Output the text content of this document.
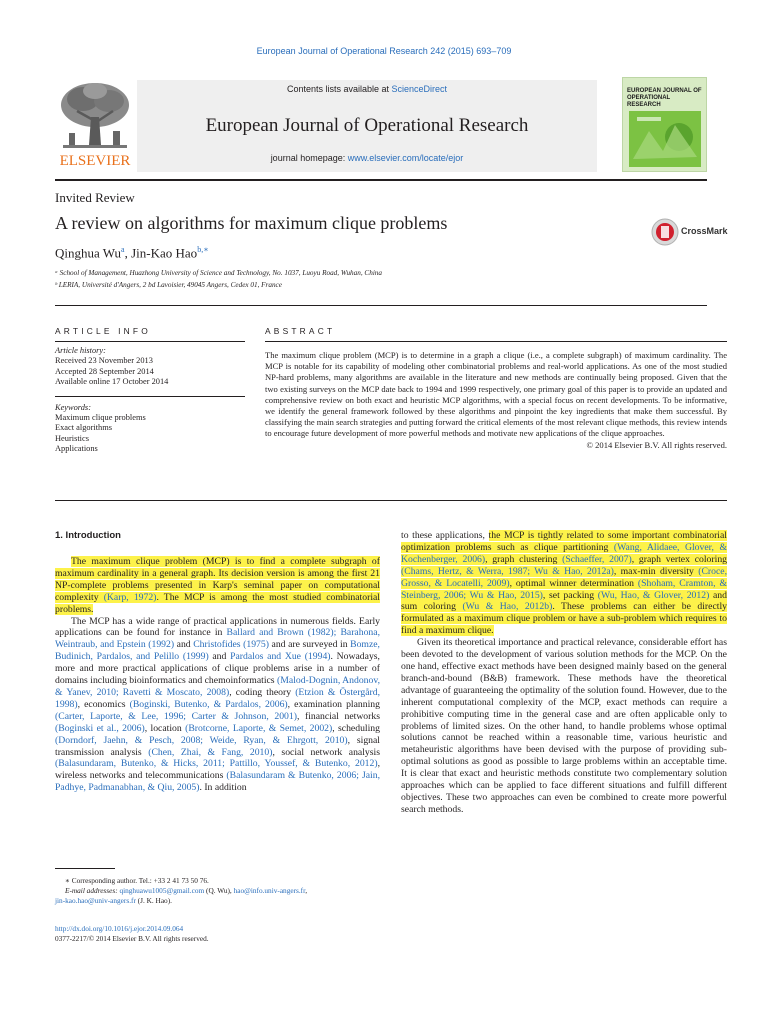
European Journal of Operational Research 242 (2015) 693–709
ELSEVIER
Contents lists available at ScienceDirect
European Journal of Operational Research
journal homepage: www.elsevier.com/locate/ejor
EUROPEAN JOURNAL OF OPERATIONAL RESEARCH
Invited Review
A review on algorithms for maximum clique problems	CrossMark
Qinghua Wu$^a$, Jin-Kao Hao$^{b,∗}$
ᵃ School of Management, Huazhong University of Science and Technology, No. 1037, Luoyu Road, Wuhan, China
ᵇ LERIA, Université d'Angers, 2 bd Lavoisier, 49045 Angers, Cedex 01, France
ARTICLE INFO	ABSTRACT
Article history:
Received 23 November 2013
Accepted 28 September 2014
Available online 17 October 2014
Keywords:
Maximum clique problems
Exact algorithms
Heuristics
Applications
The maximum clique problem (MCP) is to determine in a graph a clique (i.e., a complete subgraph) of maximum cardinality. The MCP is notable for its capability of modeling other combinatorial problems and real-world applications. As one of the most studied NP-hard problems, many algorithms are available in the literature and new methods are continually being proposed. Given that the two existing surveys on the MCP date back to 1994 and 1999 respectively, one primary goal of this paper is to provide an updated and comprehensive review on both exact and heuristic MCP algorithms, with a special focus on recent developments. To be informative, we identify the general framework followed by these algorithms and pinpoint the key ingredients that make them successful. By classifying the main search strategies and putting forward the critical elements of the most relevant clique methods, this review intends to encourage future development of more powerful methods and motivate new applications of the clique approaches.
© 2014 Elsevier B.V. All rights reserved.
1. Introduction

The maximum clique problem (MCP) is to find a complete subgraph of maximum cardinality in a general graph. Its decision version is among the first 21 NP-complete problems presented in Karp's seminal paper on computational complexity (Karp, 1972). The MCP is among the most studied combinatorial problems.

The MCP has a wide range of practical applications in numerous fields. Early applications can be found for instance in Ballard and Brown (1982); Barahona, Weintraub, and Epstein (1992) and Christofides (1975) and are surveyed in Bomze, Budinich, Pardalos, and Pelillo (1999) and Pardalos and Xue (1994). Nowadays, more and more practical applications of clique problems arise in a number of domains including bioinformatics and chemoinformatics (Malod-Dognin, Andonov, & Yanev, 2010; Ravetti & Moscato, 2008), coding theory (Etzion & Östergård, 1998), economics (Boginski, Butenko, & Pardalos, 2006), examination planning (Carter, Laporte, & Lee, 1996; Carter & Johnson, 2001), financial networks (Boginski et al., 2006), location (Brotcorne, Laporte, & Semet, 2002), scheduling (Dorndorf, Jaehn, & Pesch, 2008; Weide, Ryan, & Ehrgott, 2010), signal transmission analysis (Chen, Zhai, & Fang, 2010), social network analysis (Balasundaram, Butenko, & Hicks, 2011; Pattillo, Youssef, & Butenko, 2012), wireless networks and telecommunications (Balasundaram & Butenko, 2006; Jain, Padhye, Padmanabhan, & Qiu, 2005). In addition

to these applications, the MCP is tightly related to some important combinatorial optimization problems such as clique partitioning (Wang, Alidaee, Glover, & Kochenberger, 2006), graph clustering (Schaeffer, 2007), graph vertex coloring (Chams, Hertz, & Werra, 1987; Wu & Hao, 2012a), max-min diversity (Croce, Grosso, & Locatelli, 2009), optimal winner determination (Shoham, Cramton, & Steinberg, 2006; Wu & Hao, 2015), set packing (Wu, Hao, & Glover, 2012) and sum coloring (Wu & Hao, 2012b). These problems can either be directly formulated as a maximum clique problem or have a sub-problem which requires to find a maximum clique.

Given its theoretical importance and practical relevance, considerable effort has been devoted to the development of various solution methods for the MCP. On the one hand, effective exact methods have been designed mainly based on the general branch-and-bound (B&B) framework. These methods have the theoretical advantage of guaranteeing the optimality of the solution found. However, due to the inherent computational complexity of the MCP, exact methods can require a prohibitive computing time in the general case and are often applicable only to problems of limited sizes. On the other hand, to handle problems whose optimal solutions cannot be reached within a reasonable time, various heuristic and metaheuristic algorithms have been devised with the purpose of providing sub-optimal solutions as good as possible to large problems within an acceptable time. It is clear that exact and heuristic methods constitute two complementary solution approaches which can be applied to face different situations and fulfill different objectives. These two approaches can even be combined to create more powerful search methods.

∗ Corresponding author. Tel.: +33 2 41 73 50 76.
E-mail addresses: qinghuawu1005@gmail.com (Q. Wu), hao@info.univ-angers.fr,
jin-kao.hao@univ-angers.fr (J. K. Hao).
http://dx.doi.org/10.1016/j.ejor.2014.09.064
0377-2217/© 2014 Elsevier B.V. All rights reserved.
